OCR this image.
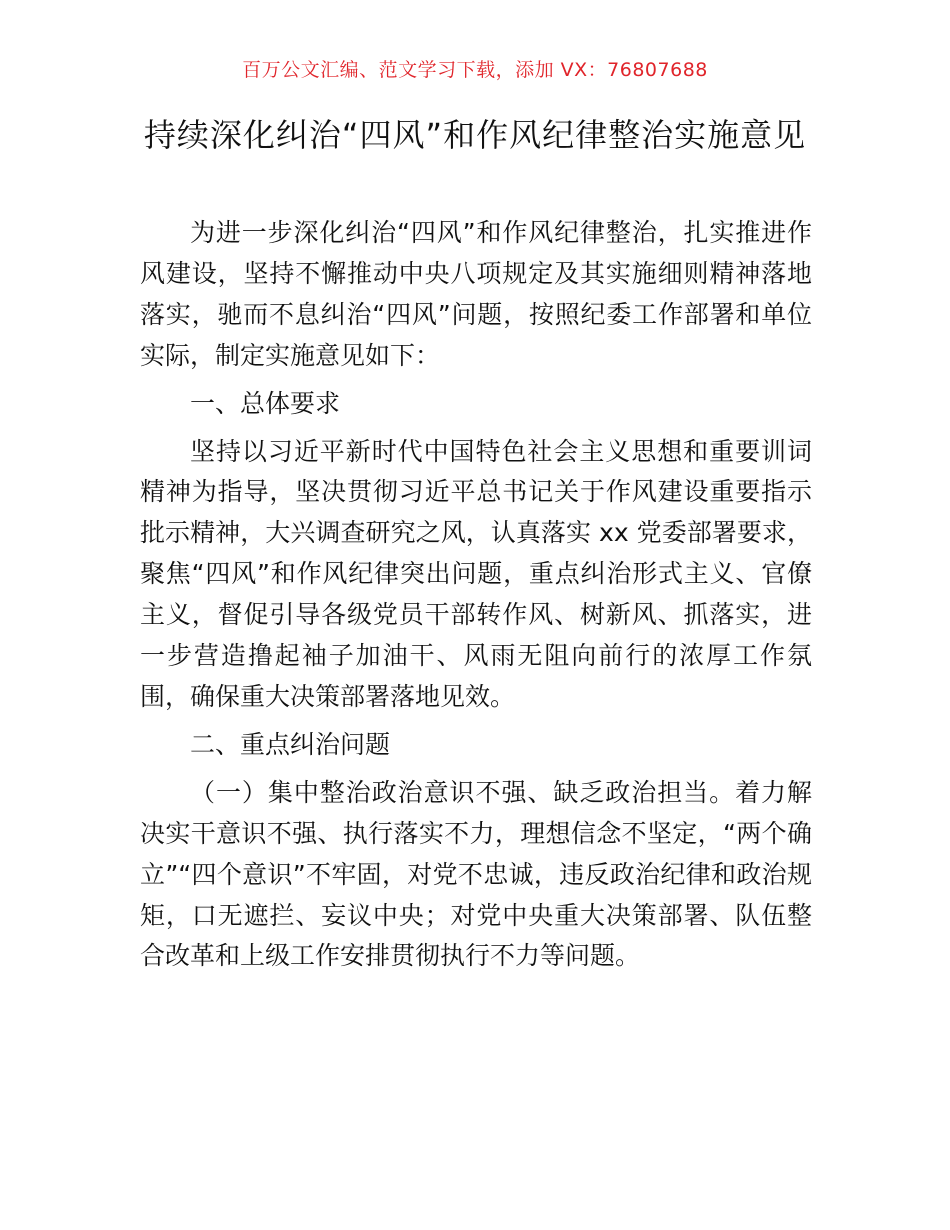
百万公文汇编、范文学习下载，添加 VX：76807688
持续深化纠治“四风”和作风纪律整治实施意见

为进一步深化纠治“四风”和作风纪律整治，扎实推进作风建设，坚持不懈推动中央八项规定及其实施细则精神落地落实，驰而不息纠治“四风”问题，按照纪委工作部署和单位实际，制定实施意见如下：

一、总体要求

坚持以习近平新时代中国特色社会主义思想和重要训词精神为指导，坚决贯彻习近平总书记关于作风建设重要指示批示精神，大兴调查研究之风，认真落实 xx 党委部署要求，聚焦“四风”和作风纪律突出问题，重点纠治形式主义、官僚主义，督促引导各级党员干部转作风、树新风、抓落实，进一步营造撸起袖子加油干、风雨无阻向前行的浓厚工作氛围，确保重大决策部署落地见效。

二、重点纠治问题

（一）集中整治政治意识不强、缺乏政治担当。着力解决实干意识不强、执行落实不力，理想信念不坚定，“两个确立”“四个意识”不牢固，对党不忠诚，违反政治纪律和政治规矩，口无遮拦、妄议中央；对党中央重大决策部署、队伍整合改革和上级工作安排贯彻执行不力等问题。
